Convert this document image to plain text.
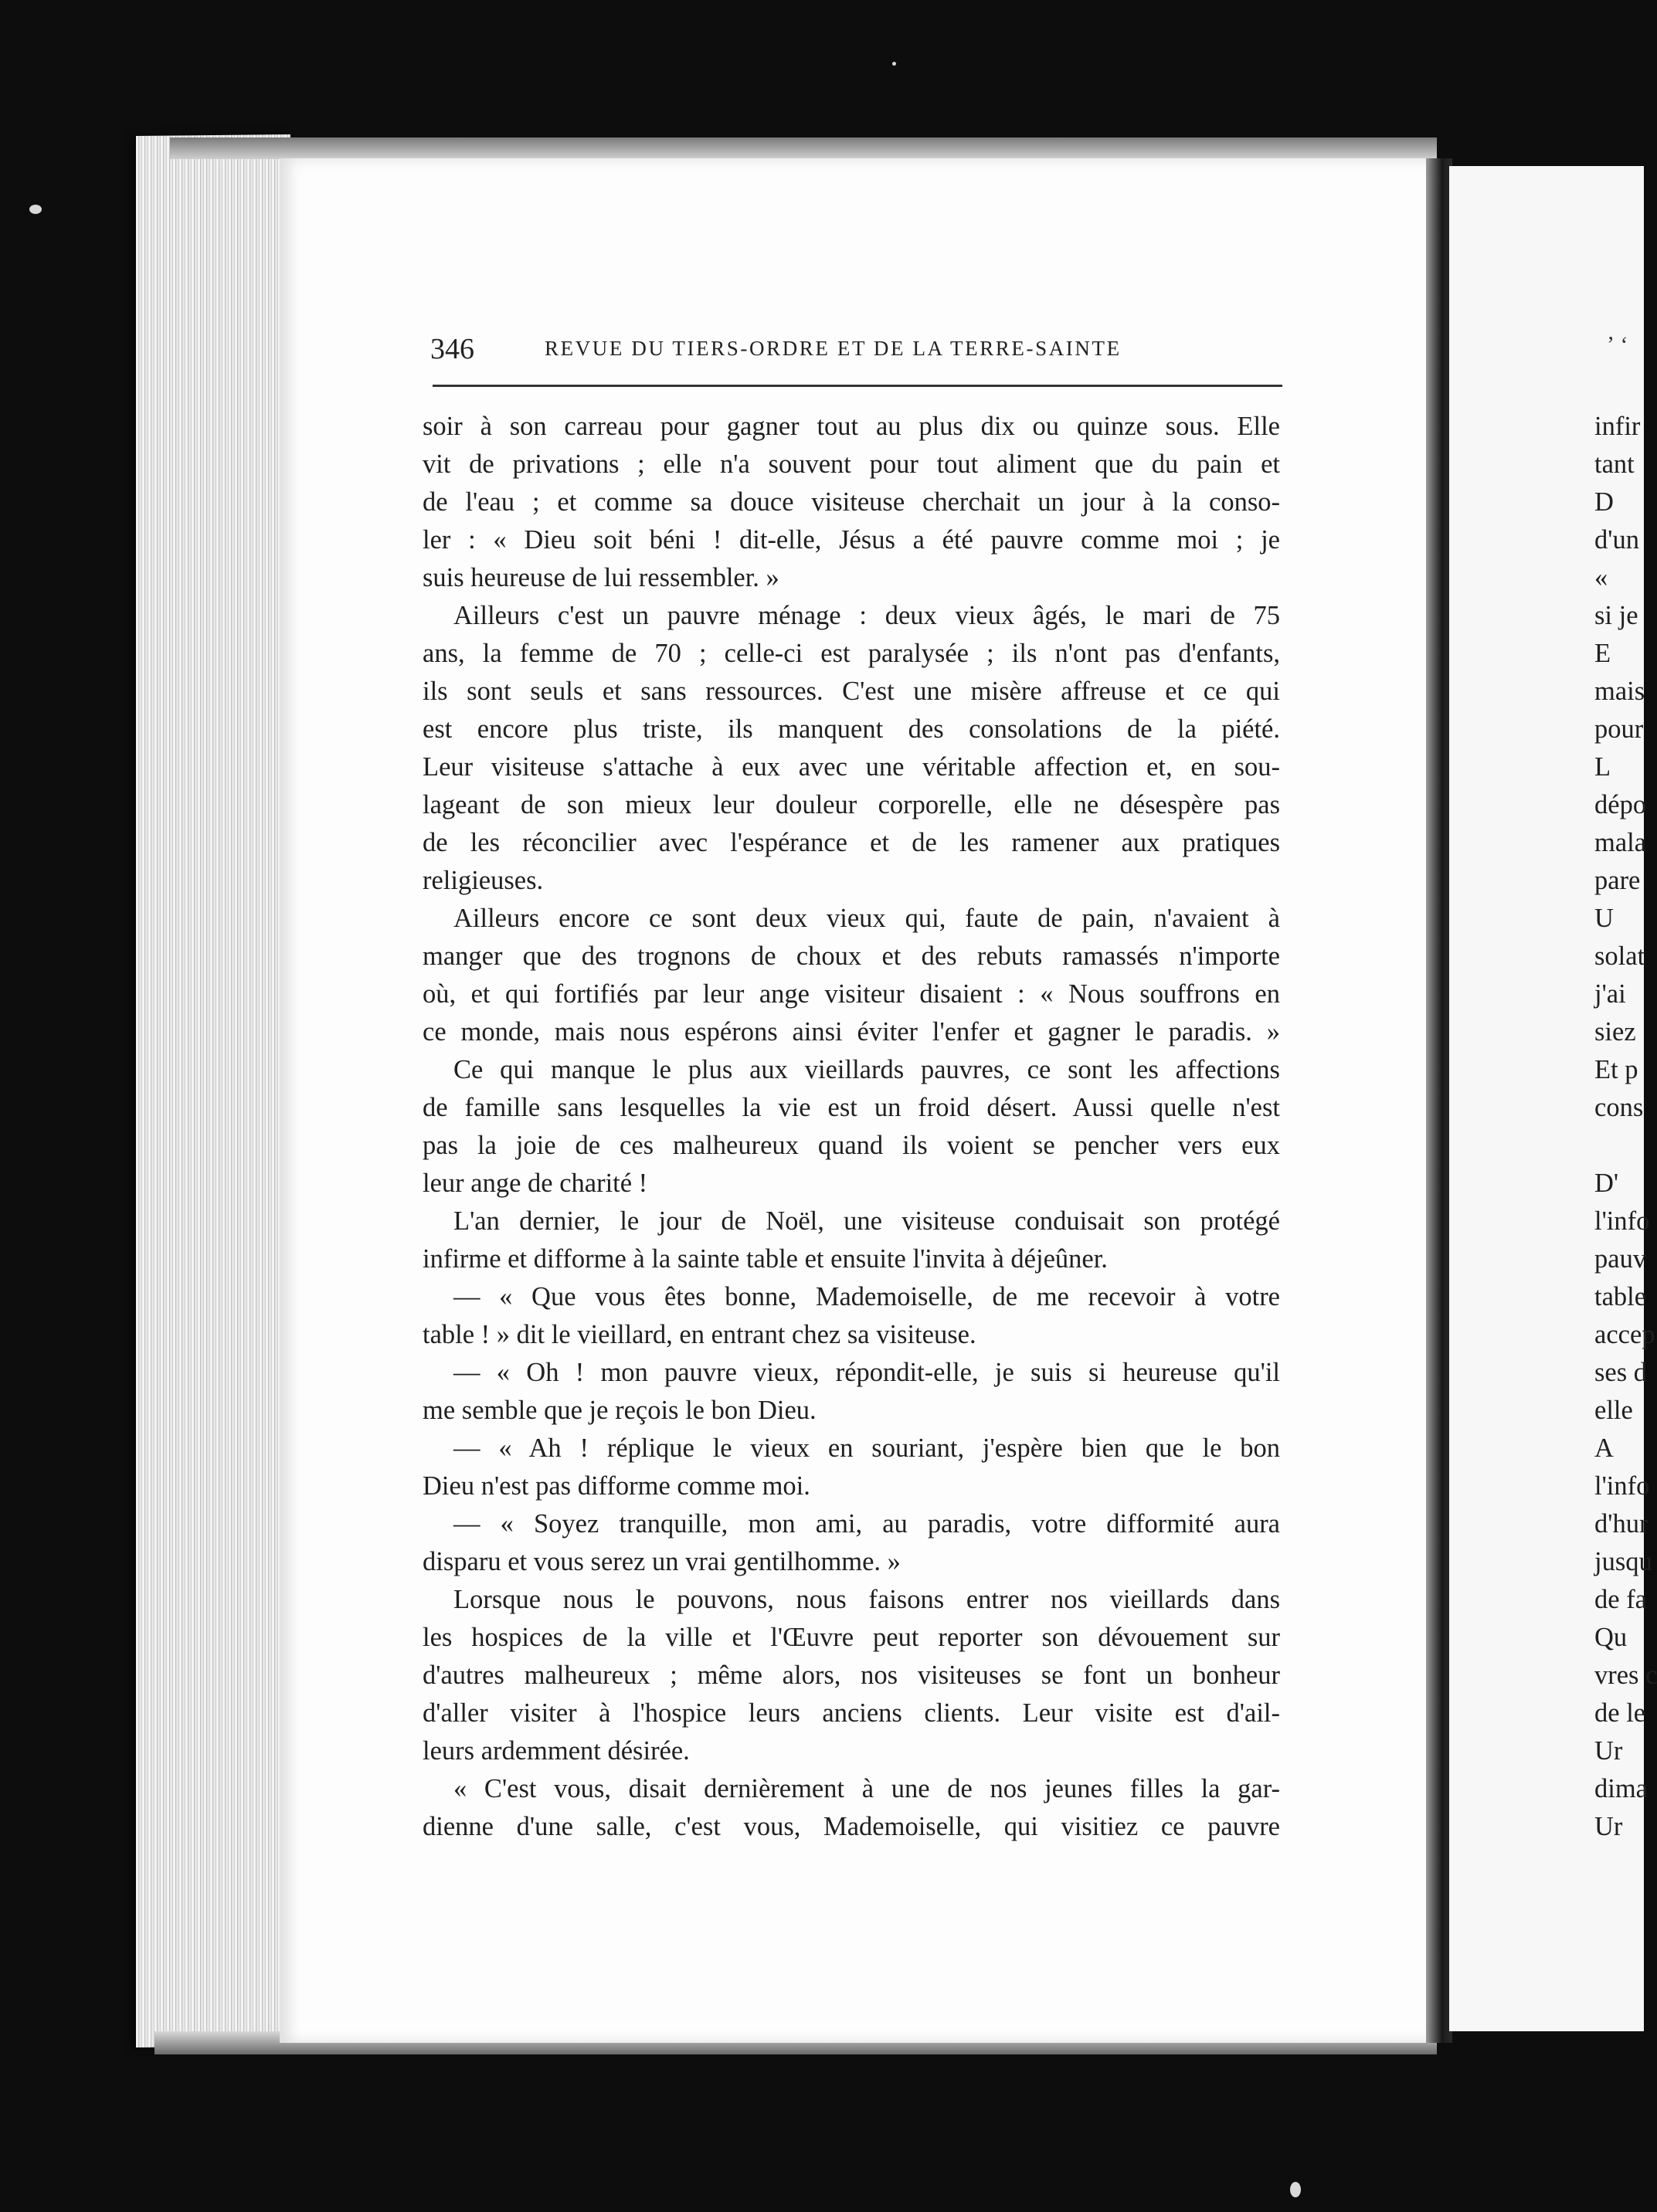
346	REVUE DU TIERS-ORDRE ET DE LA TERRE-SAINTE
soir à son carreau pour gagner tout au plus dix ou quinze sous. Elle
vit de privations ; elle n'a souvent pour tout aliment que du pain et
de l'eau ; et comme sa douce visiteuse cherchait un jour à la conso-
ler : « Dieu soit béni ! dit-elle, Jésus a été pauvre comme moi ; je
suis heureuse de lui ressembler. »
Ailleurs c'est un pauvre ménage : deux vieux âgés, le mari de 75
ans, la femme de 70 ; celle-ci est paralysée ; ils n'ont pas d'enfants,
ils sont seuls et sans ressources. C'est une misère affreuse et ce qui
est encore plus triste, ils manquent des consolations de la piété.
Leur visiteuse s'attache à eux avec une véritable affection et, en sou-
lageant de son mieux leur douleur corporelle, elle ne désespère pas
de les réconcilier avec l'espérance et de les ramener aux pratiques
religieuses.
Ailleurs encore ce sont deux vieux qui, faute de pain, n'avaient à
manger que des trognons de choux et des rebuts ramassés n'importe
où, et qui fortifiés par leur ange visiteur disaient : « Nous souffrons en
ce monde, mais nous espérons ainsi éviter l'enfer et gagner le paradis. »
Ce qui manque le plus aux vieillards pauvres, ce sont les affections
de famille sans lesquelles la vie est un froid désert. Aussi quelle n'est
pas la joie de ces malheureux quand ils voient se pencher vers eux
leur ange de charité !
L'an dernier, le jour de Noël, une visiteuse conduisait son protégé
infirme et difforme à la sainte table et ensuite l'invita à déjeûner.
— « Que vous êtes bonne, Mademoiselle, de me recevoir à votre
table ! » dit le vieillard, en entrant chez sa visiteuse.
— « Oh ! mon pauvre vieux, répondit-elle, je suis si heureuse qu'il
me semble que je reçois le bon Dieu.
— « Ah ! réplique le vieux en souriant, j'espère bien que le bon
Dieu n'est pas difforme comme moi.
— « Soyez tranquille, mon ami, au paradis, votre difformité aura
disparu et vous serez un vrai gentilhomme. »
Lorsque nous le pouvons, nous faisons entrer nos vieillards dans
les hospices de la ville et l'Œuvre peut reporter son dévouement sur
d'autres malheureux ; même alors, nos visiteuses se font un bonheur
d'aller visiter à l'hospice leurs anciens clients. Leur visite est d'ail-
leurs ardemment désirée.
« C'est vous, disait dernièrement à une de nos jeunes filles la gar-
dienne d'une salle, c'est vous, Mademoiselle, qui visitiez ce pauvre
ʼ ʻ
infir
tant
D
d'un
«
si je
E
mais
pour
L
dépo
mala
pare
U
solat
j'ai
siez
Et p
cons
D'
l'info
pauv
table
accep
ses d
elle
A
l'info
d'hur
jusqu
de fa
Qu
vres c
de le
Ur
dima
Ur
